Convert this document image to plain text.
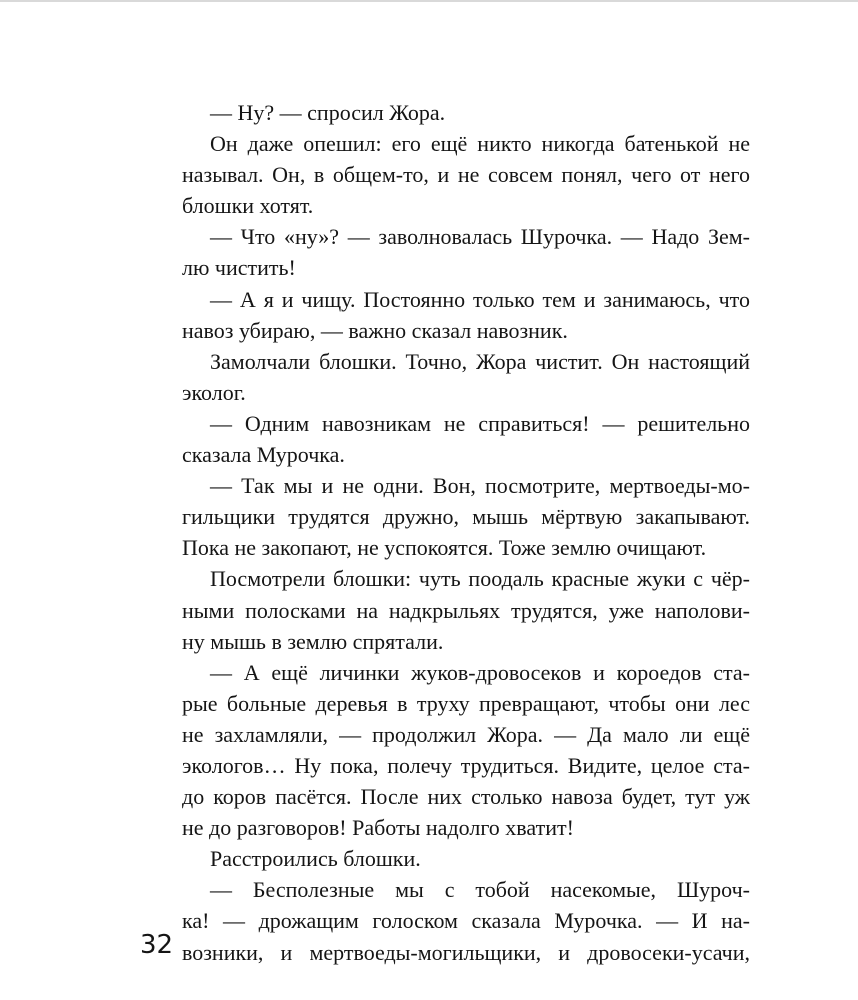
— Ну? — спросил Жора.
Он даже опешил: его ещё никто никогда батенькой не
называл. Он, в общем-то, и не совсем понял, чего от него
блошки хотят.
— Что «ну»? — заволновалась Шурочка. — Надо Зем-
лю чистить!
— А я и чищу. Постоянно только тем и занимаюсь, что
навоз убираю, — важно сказал навозник.
Замолчали блошки. Точно, Жора чистит. Он настоящий
эколог.
— Одним навозникам не справиться! — решительно
сказала Мурочка.
— Так мы и не одни. Вон, посмотрите, мертвоеды-мо-
гильщики трудятся дружно, мышь мёртвую закапывают.
Пока не закопают, не успокоятся. Тоже землю очищают.
Посмотрели блошки: чуть поодаль красные жуки с чёр-
ными полосками на надкрыльях трудятся, уже наполови-
ну мышь в землю спрятали.
— А ещё личинки жуков-дровосеков и короедов ста-
рые больные деревья в труху превращают, чтобы они лес
не захламляли, — продолжил Жора. — Да мало ли ещё
экологов… Ну пока, полечу трудиться. Видите, целое ста-
до коров пасётся. После них столько навоза будет, тут уж
не до разговоров! Работы надолго хватит!
Расстроились блошки.
— Бесполезные мы с тобой насекомые, Шуроч-
ка! — дрожащим голоском сказала Мурочка. — И на-
возники, и мертвоеды-могильщики, и дровосеки-усачи,
32
